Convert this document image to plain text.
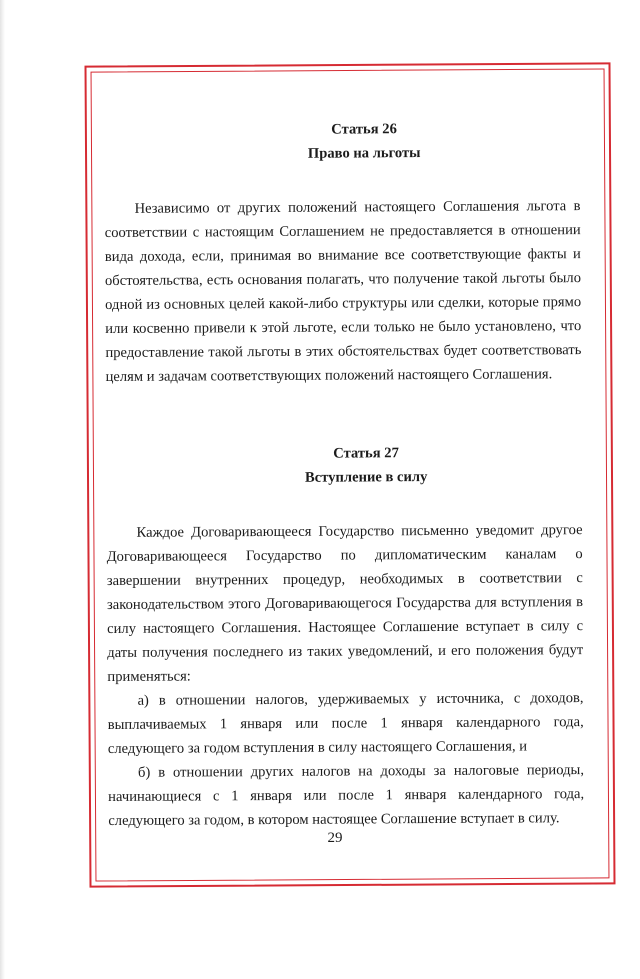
Статья 26

Право на льготы

Независимо от других положений настоящего Соглашения льгота в соответствии с настоящим Соглашением не предоставляется в отношении вида дохода, если, принимая во внимание все соответствующие факты и обстоятельства, есть основания полагать, что получение такой льготы было одной из основных целей какой-либо структуры или сделки, которые прямо или косвенно привели к этой льготе, если только не было установлено, что предоставление такой льготы в этих обстоятельствах будет соответствовать целям и задачам соответствующих положений настоящего Соглашения.

Статья 27

Вступление в силу

Каждое Договаривающееся Государство письменно уведомит другое Договаривающееся Государство по дипломатическим каналам о завершении внутренних процедур, необходимых в соответствии с законодательством этого Договаривающегося Государства для вступления в силу настоящего Соглашения. Настоящее Соглашение вступает в силу с даты получения последнего из таких уведомлений, и его положения будут применяться:

а) в отношении налогов, удерживаемых у источника, с доходов, выплачиваемых 1 января или после 1 января календарного года, следующего за годом вступления в силу настоящего Соглашения, и

б) в отношении других налогов на доходы за налоговые периоды, начинающиеся с 1 января или после 1 января календарного года, следующего за годом, в котором настоящее Соглашение вступает в силу.

29
